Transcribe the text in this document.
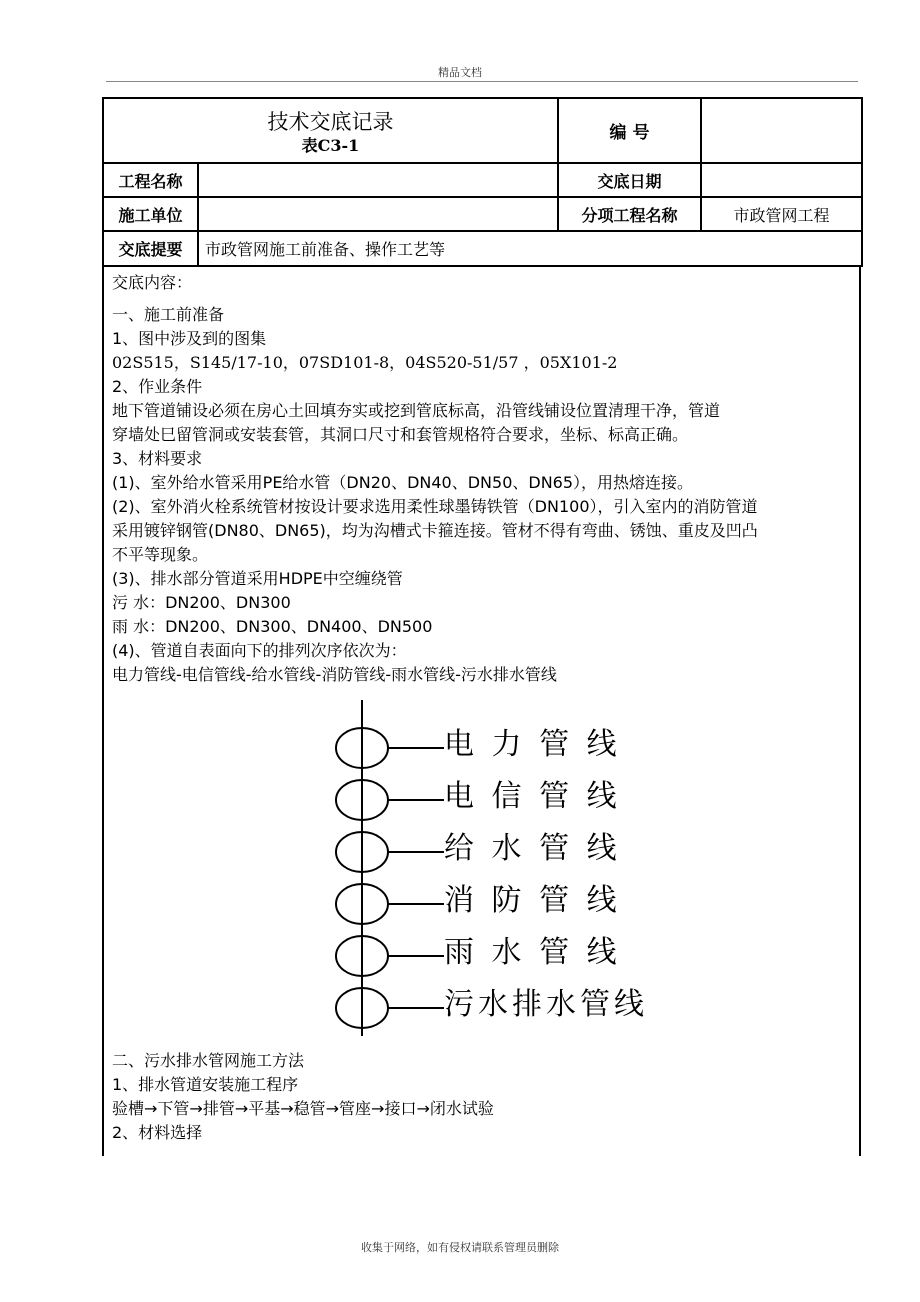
精品文档
技术交底记录
表C3-1		编 号	
工程名称		交底日期	
施工单位		分项工程名称	市政管网工程
交底提要	市政管网施工前准备、操作工艺等		
交底内容：
一、施工前准备
1、图中涉及到的图集
02S515，S145/17-10，07SD101-8，04S520-51/57 ，05X101-2
2、作业条件
地下管道铺设必须在房心土回填夯实或挖到管底标高，沿管线铺设位置清理干净，管道
穿墙处巳留管洞或安装套管，其洞口尺寸和套管规格符合要求，坐标、标高正确。
3、材料要求
(1)、室外给水管采用PE给水管（DN20、DN40、DN50、DN65），用热熔连接。
(2)、室外消火栓系统管材按设计要求选用柔性球墨铸铁管（DN100），引入室内的消防管道
采用镀锌钢管(DN80、DN65)，均为沟槽式卡箍连接。管材不得有弯曲、锈蚀、重皮及凹凸
不平等现象。
(3)、排水部分管道采用HDPE中空缠绕管
污 水：DN200、DN300
雨 水：DN200、DN300、DN400、DN500
(4)、管道自表面向下的排列次序依次为：
电力管线-电信管线-给水管线-消防管线-雨水管线-污水排水管线
电 力 管 线
电 信 管 线
给 水 管 线
消 防 管 线
雨 水 管 线
污水排水管线
二、污水排水管网施工方法
1、排水管道安装施工程序
验槽→下管→排管→平基→稳管→管座→接口→闭水试验
2、材料选择
收集于网络，如有侵权请联系管理员删除
